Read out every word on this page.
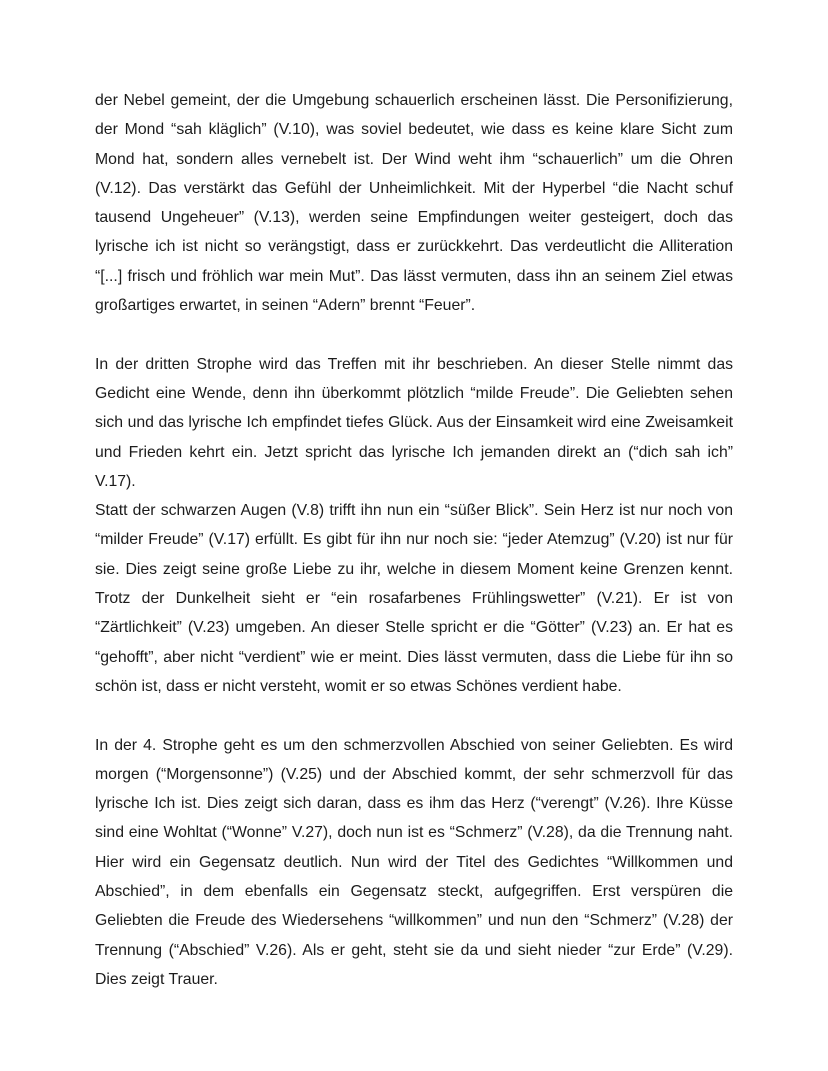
der Nebel gemeint, der die Umgebung schauerlich erscheinen lässt. Die Personifizierung, der Mond “sah kläglich” (V.10), was soviel bedeutet, wie dass es keine klare Sicht zum Mond hat, sondern alles vernebelt ist. Der Wind weht ihm “schauerlich” um die Ohren (V.12). Das verstärkt das Gefühl der Unheimlichkeit. Mit der Hyperbel “die Nacht schuf tausend Ungeheuer” (V.13), werden seine Empfindungen weiter gesteigert, doch das lyrische ich ist nicht so verängstigt, dass er zurückkehrt. Das verdeutlicht die Alliteration “[...] frisch und fröhlich war mein Mut”. Das lässt vermuten, dass ihn an seinem Ziel etwas großartiges erwartet, in seinen “Adern” brennt “Feuer”.

In der dritten Strophe wird das Treffen mit ihr beschrieben. An dieser Stelle nimmt das Gedicht eine Wende, denn ihn überkommt plötzlich “milde Freude”. Die Geliebten sehen sich und das lyrische Ich empfindet tiefes Glück. Aus der Einsamkeit wird eine Zweisamkeit und Frieden kehrt ein. Jetzt spricht das lyrische Ich jemanden direkt an (“dich sah ich” V.17).

Statt der schwarzen Augen (V.8) trifft ihn nun ein “süßer Blick”. Sein Herz ist nur noch von “milder Freude” (V.17) erfüllt. Es gibt für ihn nur noch sie: “jeder Atemzug” (V.20) ist nur für sie. Dies zeigt seine große Liebe zu ihr, welche in diesem Moment keine Grenzen kennt. Trotz der Dunkelheit sieht er “ein rosafarbenes Frühlingswetter” (V.21). Er ist von “Zärtlichkeit” (V.23) umgeben. An dieser Stelle spricht er die “Götter” (V.23) an. Er hat es “gehofft”, aber nicht “verdient” wie er meint. Dies lässt vermuten, dass die Liebe für ihn so schön ist, dass er nicht versteht, womit er so etwas Schönes verdient habe.

In der 4. Strophe geht es um den schmerzvollen Abschied von seiner Geliebten. Es wird morgen (“Morgensonne”) (V.25) und der Abschied kommt, der sehr schmerzvoll für das lyrische Ich ist. Dies zeigt sich daran, dass es ihm das Herz (“verengt” (V.26). Ihre Küsse sind eine Wohltat (“Wonne” V.27), doch nun ist es “Schmerz” (V.28), da die Trennung naht. Hier wird ein Gegensatz deutlich. Nun wird der Titel des Gedichtes “Willkommen und Abschied”, in dem ebenfalls ein Gegensatz steckt, aufgegriffen. Erst verspüren die Geliebten die Freude des Wiedersehens “willkommen” und nun den “Schmerz” (V.28) der Trennung (“Abschied” V.26). Als er geht, steht sie da und sieht nieder “zur Erde” (V.29). Dies zeigt Trauer.
